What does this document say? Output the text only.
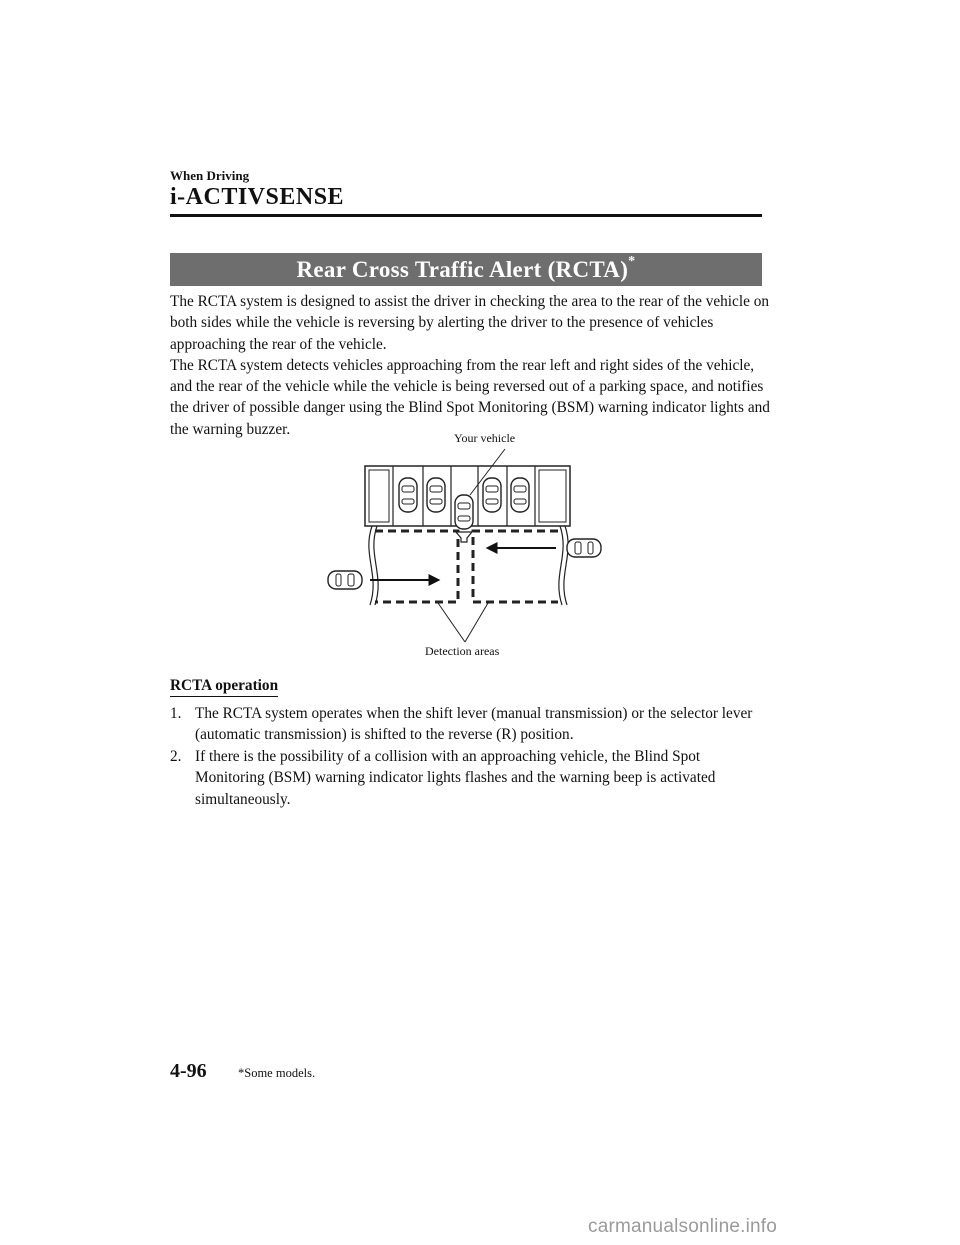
When Driving
i-ACTIVSENSE
Rear Cross Traffic Alert (RCTA)*

The RCTA system is designed to assist the driver in checking the area to the rear of the vehicle on both sides while the vehicle is reversing by alerting the driver to the presence of vehicles approaching the rear of the vehicle.

The RCTA system detects vehicles approaching from the rear left and right sides of the vehicle, and the rear of the vehicle while the vehicle is being reversed out of a parking space, and notifies the driver of possible danger using the Blind Spot Monitoring (BSM) warning indicator lights and the warning buzzer.

Your vehicle
Detection areas
RCTA operation
1. The RCTA system operates when the shift lever (manual transmission) or the selector lever (automatic transmission) is shifted to the reverse (R) position.
2. If there is the possibility of a collision with an approaching vehicle, the Blind Spot Monitoring (BSM) warning indicator lights flashes and the warning beep is activated simultaneously.
4-96	*Some models.
carmanualsonline.info
